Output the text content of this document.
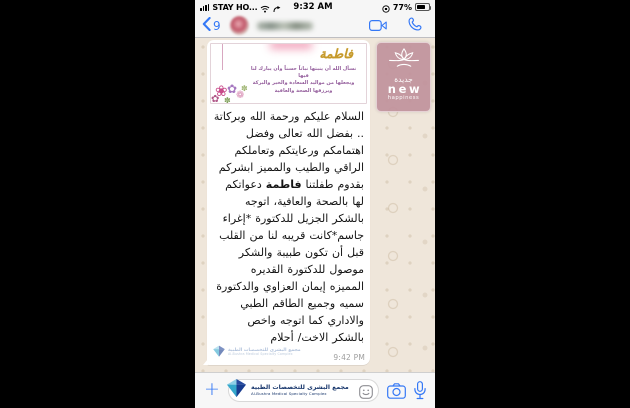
STAY HO...	9:32 AM	77%
9
فاطمة
نسأل الله أن ينبتها نباتاً حسناً وأن يبارك لنا فيها
ويجعلها من مواليد السعادة والخير والبركة
ويرزقها الصحة والعافية
❀ ✿
❁
✿ ✽
✽

السلام عليكم ورحمة الله وبركاتة .. بفضل الله تعالى وفضل اهتمامكم ورعايتكم وتعاملكم الراقي والطيب والمميز ابشركم بقدوم طفلتنا فاطمة دعواتكم لها بالصحة والعافية، اتوجه بالشكر الجزيل للدكتورة *إغراء جاسم*كانت قريبه لنا من القلب قبل أن تكون طبيبة والشكر موصول للدكتورة القديره المميزه إيمان العزاوي والدكتورة سميه وجميع الطاقم الطبي والاداري كما اتوجه واخص بالشكر الاخت/ أحلام

مجمع البشرى للتخصصات الطبية
Al-Bushra Medical Specialty Complex	9:42 PM
جديدة
new
happiness
+	مجمع البشرى للتخصصات الطبية
Al-Bushra Medical Specialty Complex
